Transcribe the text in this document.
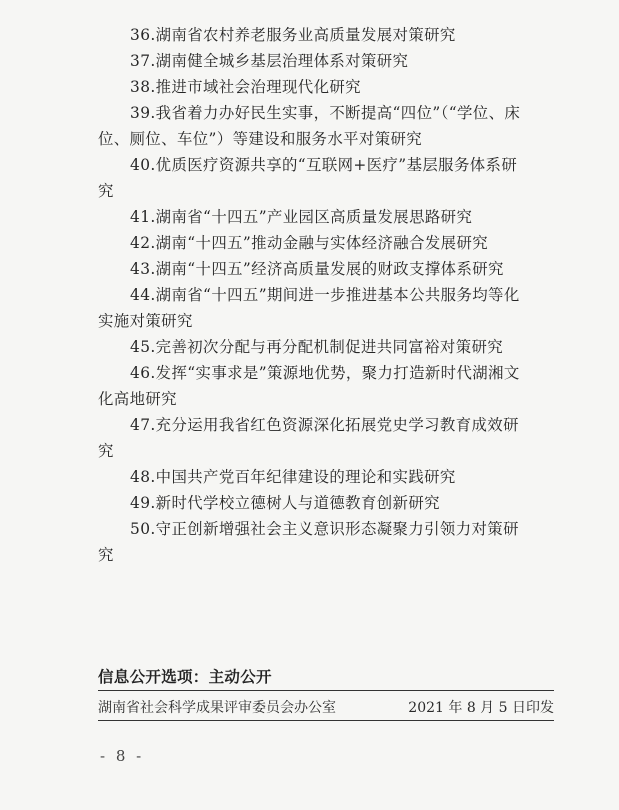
36.湖南省农村养老服务业高质量发展对策研究
37.湖南健全城乡基层治理体系对策研究
38.推进市域社会治理现代化研究
39.我省着力办好民生实事，不断提高“四位”（“学位、床位、厕位、车位”）等建设和服务水平对策研究
40.优质医疗资源共享的“互联网+医疗”基层服务体系研究
41.湖南省“十四五”产业园区高质量发展思路研究
42.湖南“十四五”推动金融与实体经济融合发展研究
43.湖南“十四五”经济高质量发展的财政支撑体系研究
44.湖南省“十四五”期间进一步推进基本公共服务均等化实施对策研究
45.完善初次分配与再分配机制促进共同富裕对策研究
46.发挥“实事求是”策源地优势，聚力打造新时代湖湘文化高地研究
47.充分运用我省红色资源深化拓展党史学习教育成效研究
48.中国共产党百年纪律建设的理论和实践研究
49.新时代学校立德树人与道德教育创新研究
50.守正创新增强社会主义意识形态凝聚力引领力对策研究
信息公开选项：主动公开
湖南省社会科学成果评审委员会办公室	2021 年 8 月 5 日印发
- 8 -
